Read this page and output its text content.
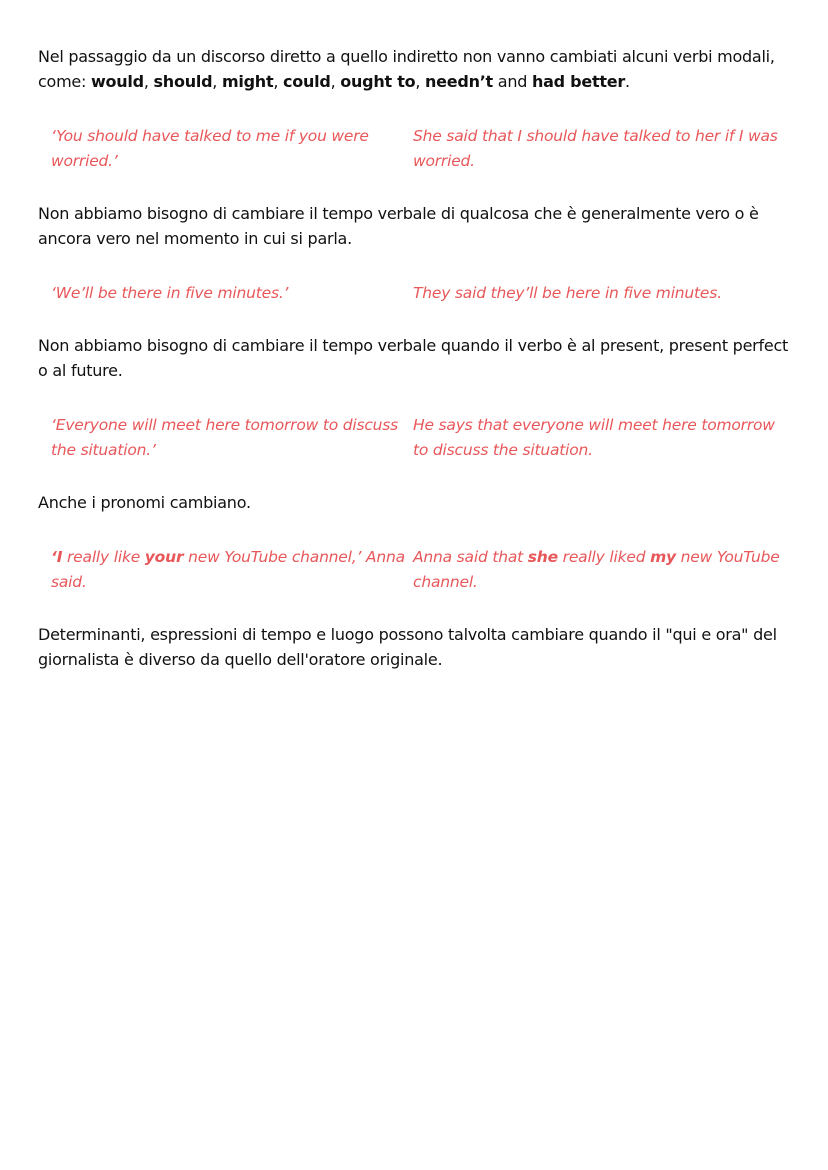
Nel passaggio da un discorso diretto a quello indiretto non vanno cambiati alcuni verbi modali, come: would, should, might, could, ought to, needn’t and had better.

‘You should have talked to me if you were worried.’
She said that I should have talked to her if I was worried.

Non abbiamo bisogno di cambiare il tempo verbale di qualcosa che è generalmente vero o è ancora vero nel momento in cui si parla.

‘We’ll be there in five minutes.’	They said they’ll be here in five minutes.

Non abbiamo bisogno di cambiare il tempo verbale quando il verbo è al present, present perfect o al future.

‘Everyone will meet here tomorrow to discuss the situation.’
He says that everyone will meet here tomorrow to discuss the situation.

Anche i pronomi cambiano.

‘I really like your new YouTube channel,’ Anna said.
Anna said that she really liked my new YouTube channel.

Determinanti, espressioni di tempo e luogo possono talvolta cambiare quando il "qui e ora" del giornalista è diverso da quello dell'oratore originale.
